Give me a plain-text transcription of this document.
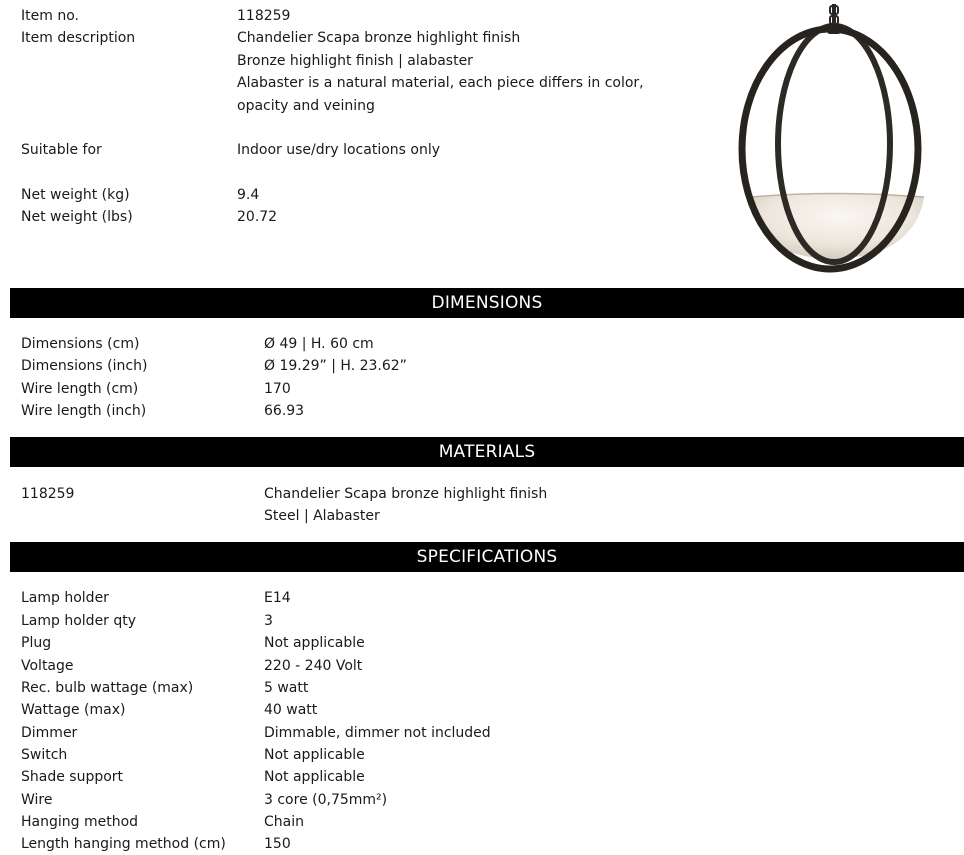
Item no.	118259
Item description	Chandelier Scapa bronze highlight finish
Bronze highlight finish | alabaster
Alabaster is a natural material, each piece differs in color,
opacity and veining
Suitable for	Indoor use/dry locations only
Net weight (kg)	9.4
Net weight (lbs)	20.72
DIMENSIONS
Dimensions (cm)	Ø 49 | H. 60 cm
Dimensions (inch)	Ø 19.29” | H. 23.62”
Wire length (cm)	170
Wire length (inch)	66.93
MATERIALS
118259	Chandelier Scapa bronze highlight finish
Steel | Alabaster
SPECIFICATIONS
Lamp holder	E14
Lamp holder qty	3
Plug	Not applicable
Voltage	220 - 240 Volt
Rec. bulb wattage (max)	5 watt
Wattage (max)	40 watt
Dimmer	Dimmable, dimmer not included
Switch	Not applicable
Shade support	Not applicable
Wire	3 core (0,75mm²)
Hanging method	Chain
Length hanging method (cm)	150
